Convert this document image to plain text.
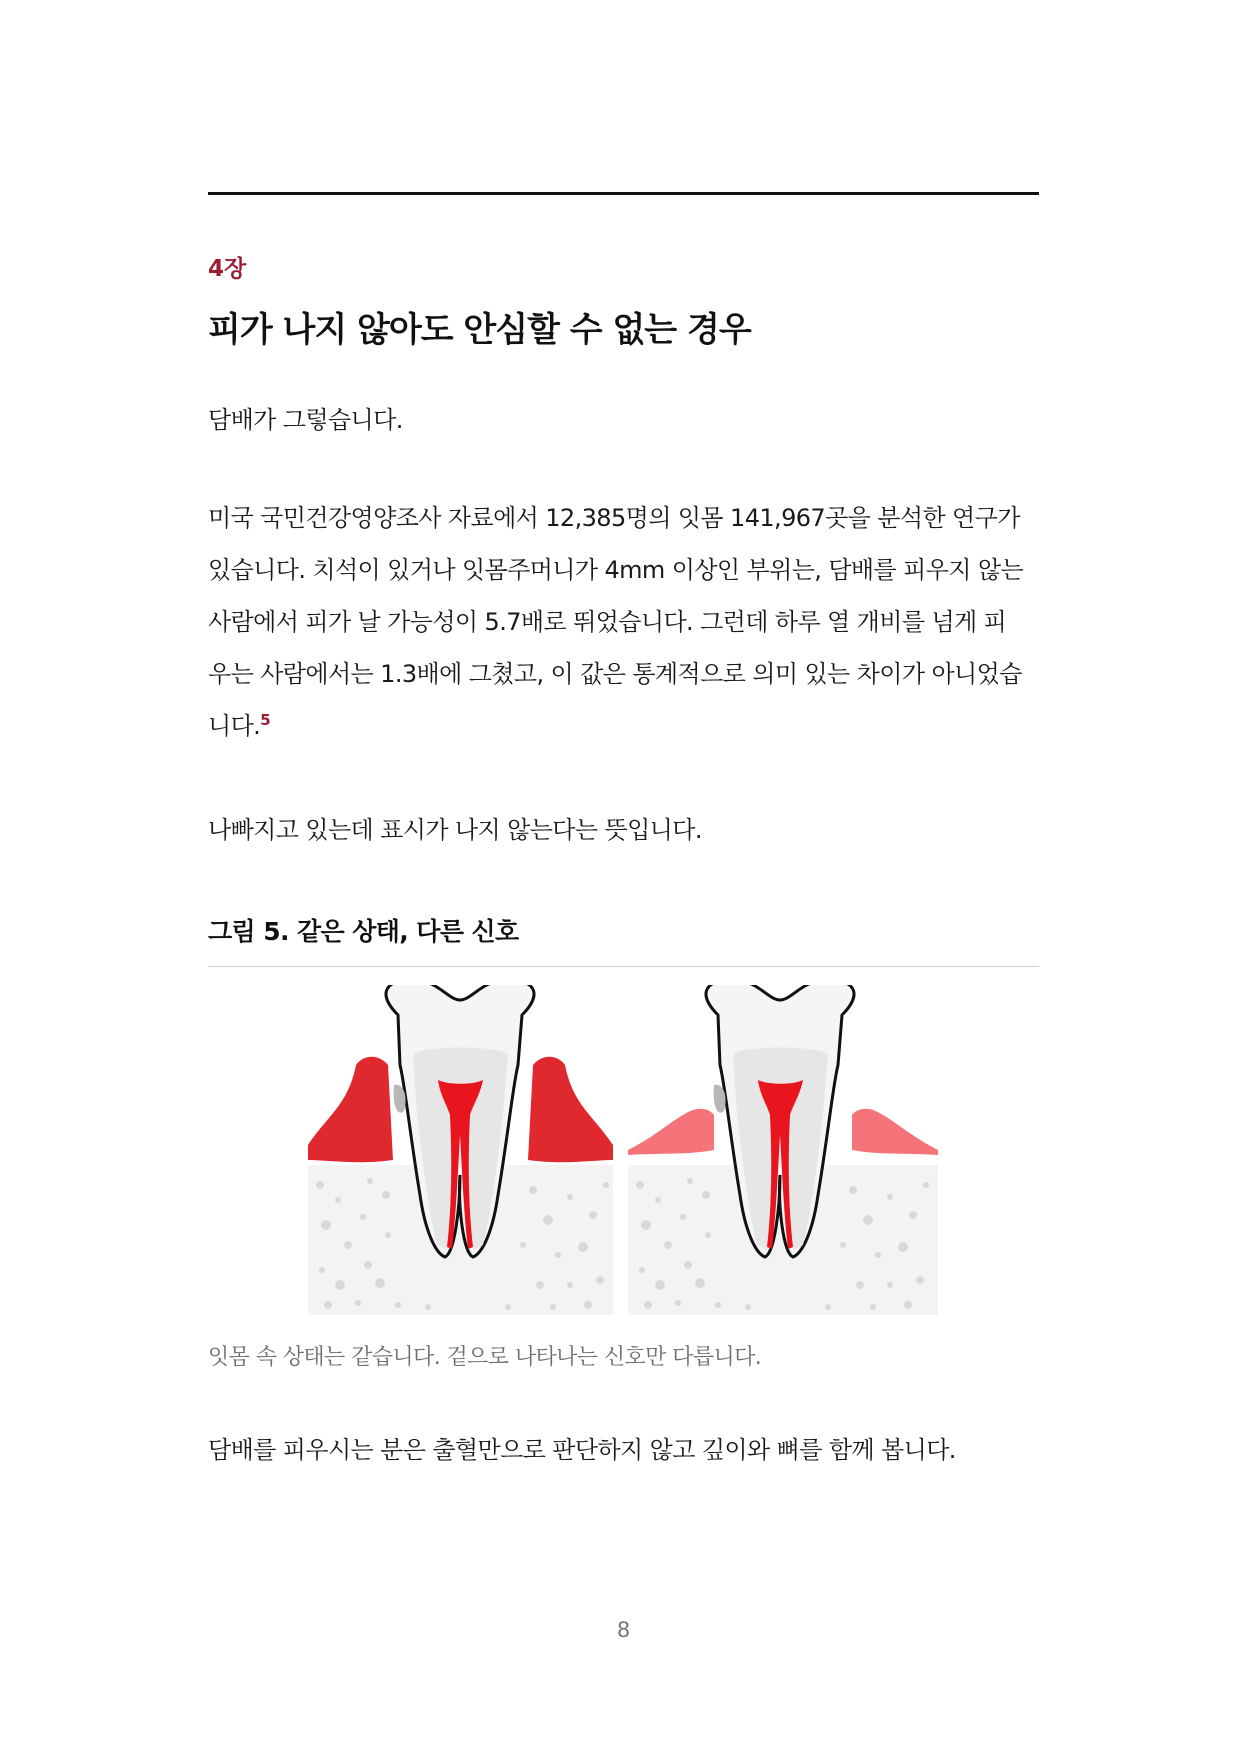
4장
피가 나지 않아도 안심할 수 없는 경우

담배가 그렇습니다.

미국 국민건강영양조사 자료에서 12,385명의 잇몸 141,967곳을 분석한 연구가
있습니다. 치석이 있거나 잇몸주머니가 4mm 이상인 부위는, 담배를 피우지 않는
사람에서 피가 날 가능성이 5.7배로 뛰었습니다. 그런데 하루 열 개비를 넘게 피
우는 사람에서는 1.3배에 그쳤고, 이 값은 통계적으로 의미 있는 차이가 아니었습
니다.$^5$

나빠지고 있는데 표시가 나지 않는다는 뜻입니다.

그림 5. 같은 상태, 다른 신호
잇몸 속 상태는 같습니다. 겉으로 나타나는 신호만 다릅니다.

담배를 피우시는 분은 출혈만으로 판단하지 않고 깊이와 뼈를 함께 봅니다.

8
